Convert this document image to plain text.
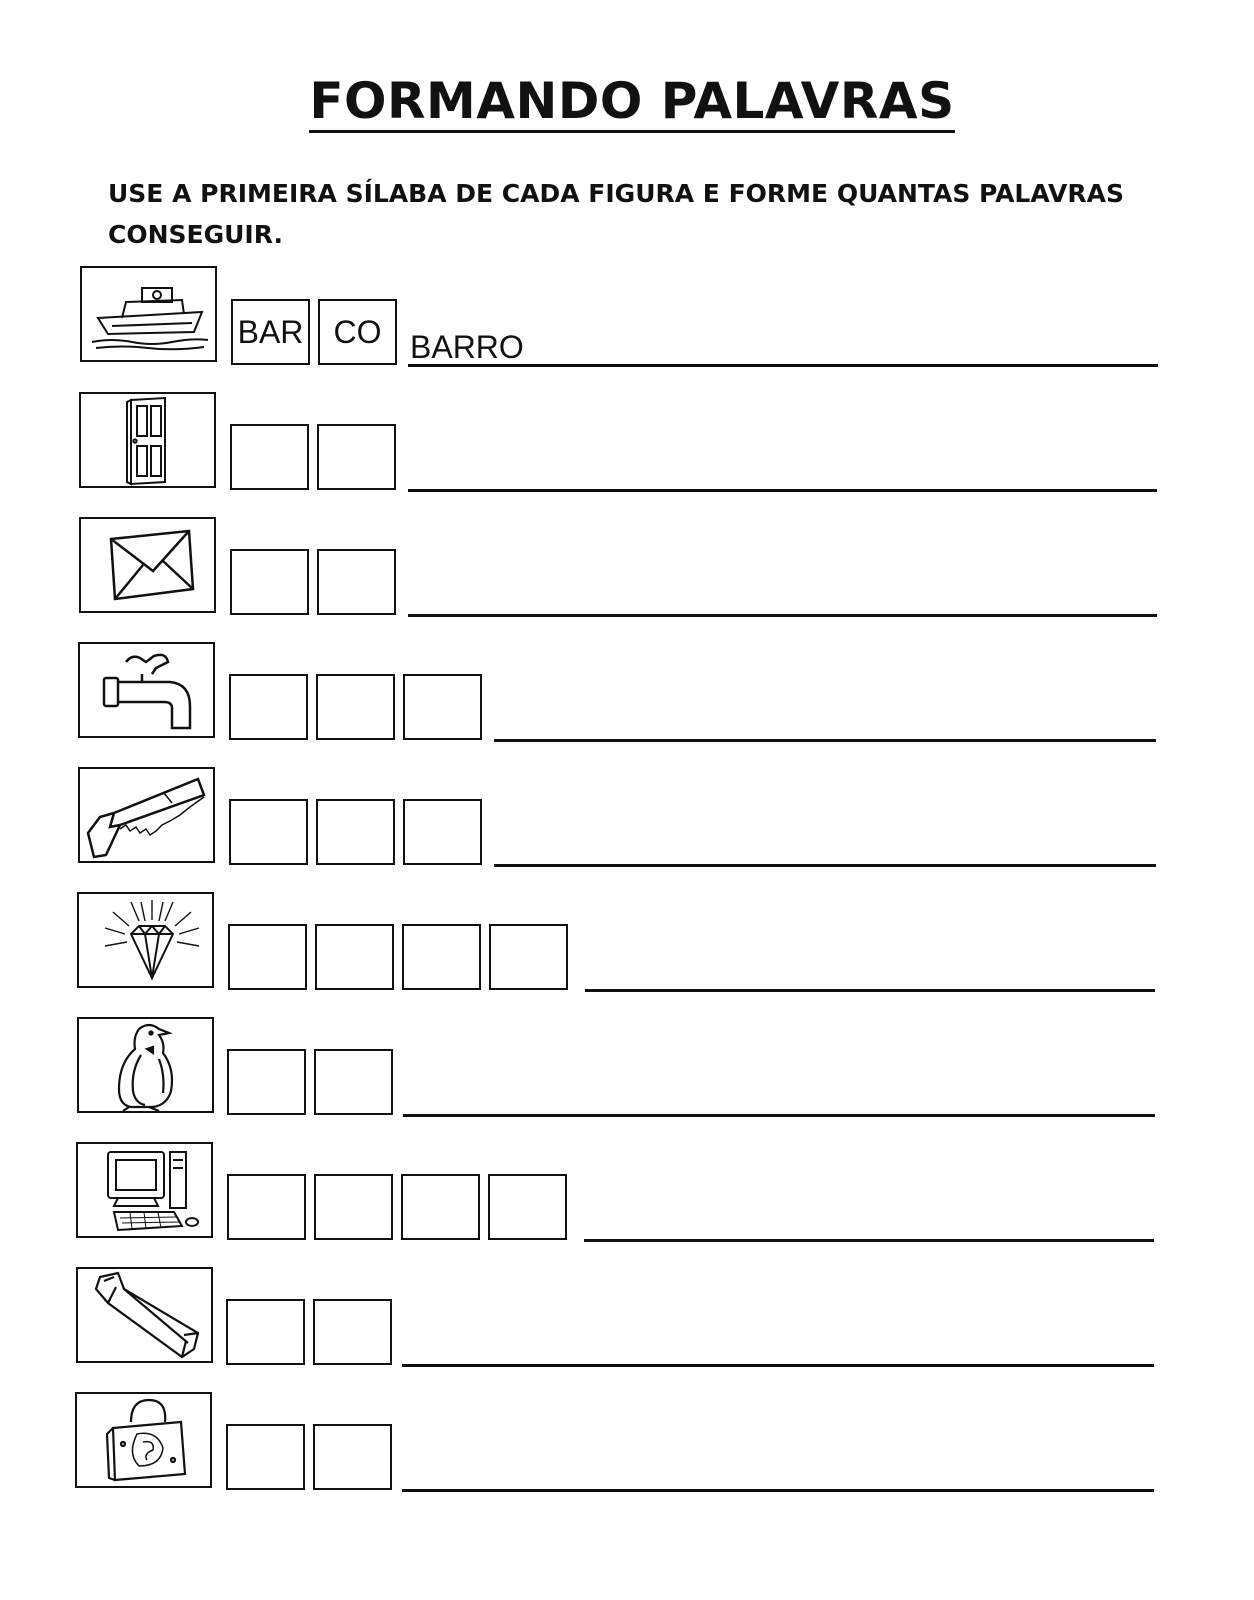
FORMANDO PALAVRAS
USE A PRIMEIRA SÍLABA DE CADA FIGURA E FORME QUANTAS PALAVRAS CONSEGUIR.
BAR CO BARRO
